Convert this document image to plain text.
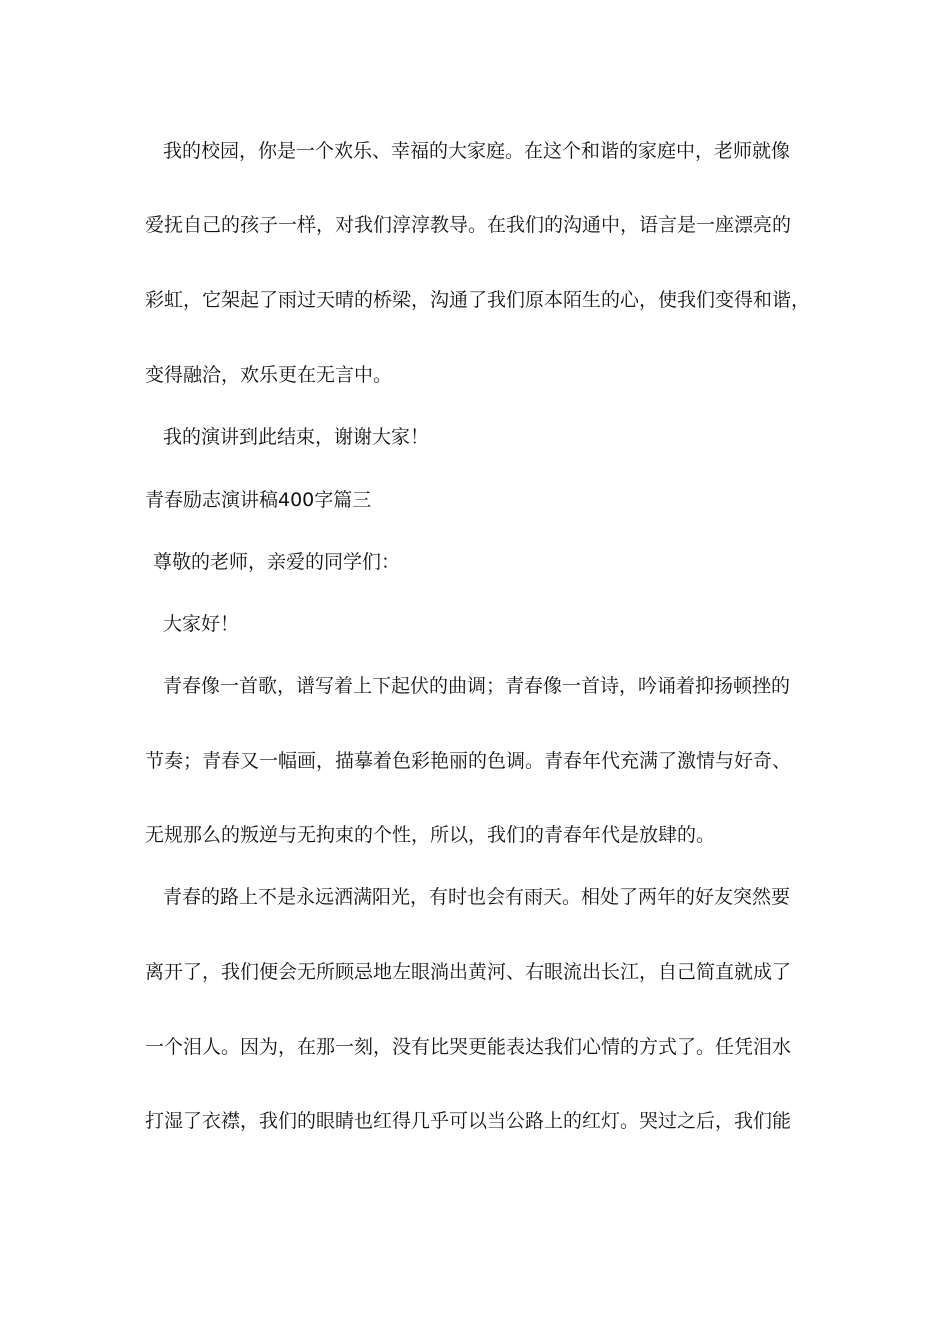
我的校园，你是一个欢乐、幸福的大家庭。在这个和谐的家庭中，老师就像
爱抚自己的孩子一样，对我们淳淳教导。在我们的沟通中，语言是一座漂亮的
彩虹，它架起了雨过天晴的桥梁，沟通了我们原本陌生的心，使我们变得和谐，
变得融洽，欢乐更在无言中。
我的演讲到此结束，谢谢大家！
青春励志演讲稿400字篇三
尊敬的老师，亲爱的同学们：
大家好！
青春像一首歌，谱写着上下起伏的曲调；青春像一首诗，吟诵着抑扬顿挫的
节奏；青春又一幅画，描摹着色彩艳丽的色调。青春年代充满了激情与好奇、
无规那么的叛逆与无拘束的个性，所以，我们的青春年代是放肆的。
青春的路上不是永远洒满阳光，有时也会有雨天。相处了两年的好友突然要
离开了，我们便会无所顾忌地左眼淌出黄河、右眼流出长江，自己简直就成了
一个泪人。因为，在那一刻，没有比哭更能表达我们心情的方式了。任凭泪水
打湿了衣襟，我们的眼睛也红得几乎可以当公路上的红灯。哭过之后，我们能
